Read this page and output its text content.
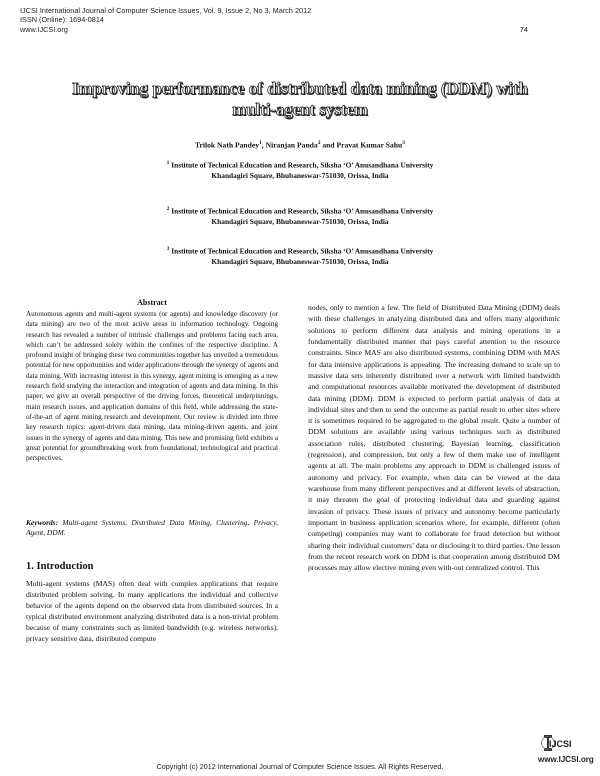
IJCSI International Journal of Computer Science Issues, Vol. 9, Issue 2, No 3, March 2012
ISSN (Online): 1694-0814
www.IJCSI.org	74
Improving performance of distributed data mining (DDM) with
multi-agent system
Trilok Nath Pandey$^1$, Niranjan Panda$^2$ and Pravat Kumar Sahu$^3$
$^1$ Institute of Technical Education and Research, Siksha ‘O’ Anusandhana University
Khandagiri Square, Bhubaneswar-751030, Orissa, India
$^2$ Institute of Technical Education and Research, Siksha ‘O’ Anusandhana University
Khandagiri Square, Bhubaneswar-751030, Orissa, India
$^3$ Institute of Technical Education and Research, Siksha ‘O’ Anusandhana University
Khandagiri Square, Bhubaneswar-751030, Orissa, India
Abstract

Autonomous agents and multi-agent systems (or agents) and knowledge discovery (or data mining) are two of the most active areas in information technology. Ongoing research has revealed a number of intrinsic challenges and problems facing each area, which can’t be addressed solely within the confines of the respective discipline. A profound insight of bringing these two communities together has unveiled a tremendous potential for new opportunities and wider applications through the synergy of agents and data mining. With increasing interest in this synergy, agent mining is emerging as a new research field studying the interaction and integration of agents and data mining. In this paper, we give an overall perspective of the driving forces, theoretical underpinnings, main research issues, and application domains of this field, while addressing the state-of-the-art of agent mining research and development. Our review is divided into three key research topics: agent-driven data mining, data mining-driven agents, and joint issues in the synergy of agents and data mining. This new and promising field exhibits a great potential for groundbreaking work from foundational, technological and practical perspectives.

Keywords: Multi-agent Systems, Distributed Data Mining, Clustering, Privacy, Agent, DDM.
1. Introduction

Multi-agent systems (MAS) often deal with complex applications that require distributed problem solving. In many applications the individual and collective behavior of the agents depend on the observed data from distributed sources. In a typical distributed environment analyzing distributed data is a non-trivial problem because of many constraints such as limited bandwidth (e.g. wireless networks), privacy sensitive data, distributed compute

nodes, only to mention a few. The field of Distributed Data Mining (DDM) deals with these challenges in analyzing distributed data and offers many algorithmic solutions to perform different data analysis and mining operations in a fundamentally distributed manner that pays careful attention to the resource constraints. Since MAS are also distributed systems, combining DDM with MAS for data intensive applications is appealing. The increasing demand to scale up to massive data sets inherently distributed over a network with limited bandwidth and computational resources available motivated the development of distributed data mining (DDM). DDM is expected to perform partial analysis of data at individual sites and then to send the outcome as partial result to other sites where it is sometimes required to be aggregated to the global result. Quite a number of DDM solutions are available using various techniques such as distributed association rules, distributed clustering, Bayesian learning, classification (regression), and compression, but only a few of them make use of intelligent agents at all. The main problems any approach to DDM is challenged issues of autonomy and privacy. For example, when data can be viewed at the data warehouse from many different perspectives and at different levels of abstraction, it may threaten the goal of protecting individual data and guarding against invasion of privacy. These issues of privacy and autonomy become particularly important in business application scenarios where, for example, different (often competing) companies may want to collaborate for fraud detection but without sharing their individual customers’ data or disclosing it to third parties. One lesson from the recent research work on DDM is that cooperation among distributed DM processes may allow elective mining even with-out centralized control. This

Copyright (c) 2012 International Journal of Computer Science Issues. All Rights Reserved.
IJCSI
www.IJCSI.org
